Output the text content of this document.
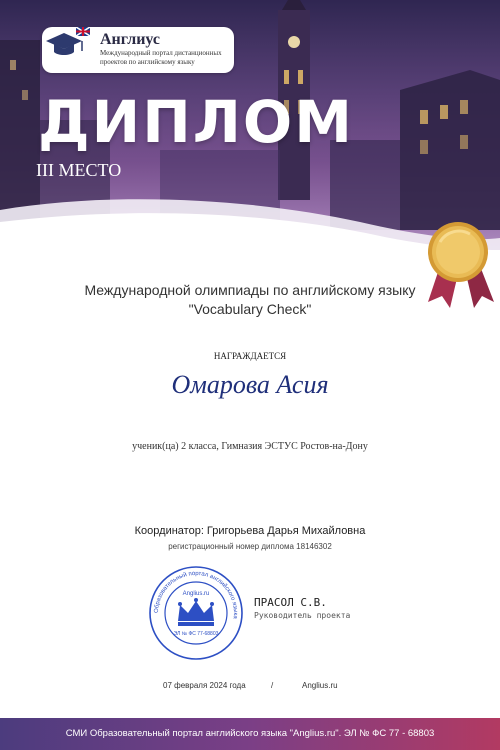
Англиус
Международный портал дистанционных проектов по английскому языку
ДИПЛОМ
III МЕСТО
Международной олимпиады по английскому языку
"Vocabulary Check"
НАГРАЖДАЕТСЯ
Омарова Асия
ученик(ца) 2 класса, Гимназия ЭСТУС Ростов-на-Дону
Координатор: Григорьева Дарья Михайловна
регистрационный номер диплома 18146302
Образовательный портал английского языка
Anglius.ru
ЭЛ № ФС 77-68803
ПРАСОЛ С.В.
Руководитель проекта
07 февраля 2024 года	/	Anglius.ru
СМИ Образовательный портал английского языка "Anglius.ru". ЭЛ № ФС 77 - 68803
